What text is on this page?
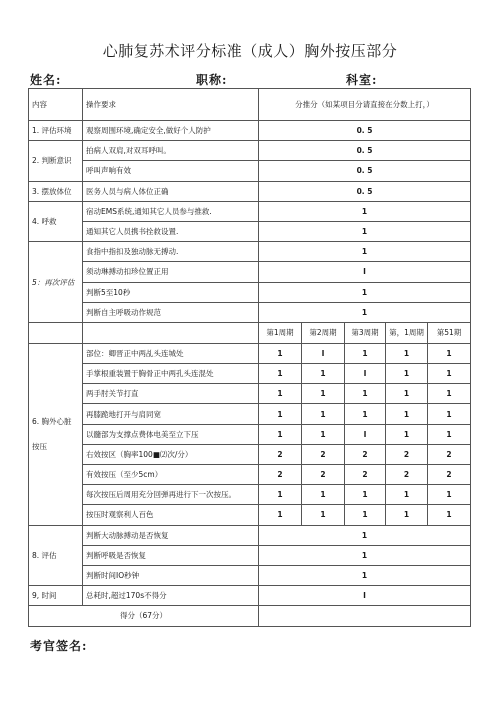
心肺复苏术评分标准（成人）胸外按压部分
姓名:	职称:	科室:
内容	操作要求	分推分（如某项目分请直接在分数上打，）				
1. 评估环境	观察周围环境,确定安全,做好个人防护	0. 5				
2. 判断意识	拍病人双肩,对双耳呼叫。	0. 5				
	呼叫声响有效	0. 5				
3. 摆放体位	医务人员与病人体位正确	0. 5				
4. 呼救	宿动EMS系统,通知其它人员参与推救.	1				
	通知其它人员携书拴救设置.	1				
5：再次评估	食指中指扣及独动脉无搏动.	1				
	须动琳搏动扣珍位置正用	I				
	判断5至10秒	1				
	判断自主呼吸动作规范	1				
		第1周期	第2周期	第3周期	第，1周期	第51期

6. 胸外心脏
按压	部位：卿晋正中两乩头连城处	1	I	1	1	1
	手掌根重装置于胸骨正中两孔头连混处	1	1	I	1	1
	两手肘关节打直	1	1	1	1	1
	再膝跪地打开与肩同宽	1	1	1	1	1
	以髓部为支撑点费体电美至立下压	1	1	I	1	1
	右效按区（胸率100■⑵次/分）	2	2	2	2	2
	有效按压（至少5cm）	2	2	2	2	2
	每次按压后周用充分回弹再进行下一次按压。	1	1	1	1	1
	按压时观察利人百色	1	1	1	1	1
8. 评估	判断大动脉搏动是否恢复	1				
	判断呼吸是否恢复	1				
	判断时间IO秒钟	1				
9, 时间	总耗时,超过170s不得分	I				
得分（67分）						
考官签名:
